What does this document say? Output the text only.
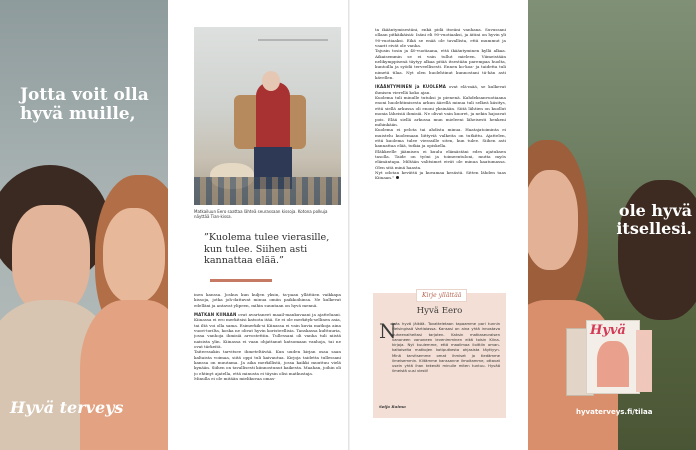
Jotta voit olla hyvä muille,
Hyvä terveys
Matkailuun Eero saattaa lähteä seurassaan kissoja. Kotona polkuja näyttää Tian-kissa.
”Kuolema tulee vierasille, kun tulee. Siihen asti kannattaa elää.”

inen kanssa. Joskus kun kuljen yksin, ta-paan yllättäen vaikkapa kissoja, jotka joh-dattavat minua omiin paikkoihinsa. Ne kulkevat edelläni ja antavat ylipeen, mihin suuntaan on hyvä mennä.

MATKAN KIINAAN ovat avartaneet maail-mankuvaani ja ajatteluani. Kiinassa ei ero merkitsisi katsota itää. Se ei ole merkityk-sellinen asia, tai iltä voi olla sama. Esimerkik-si Kiinassa ei vain kuvia matkoja aina vuori-torilta, koska ne olivat hyvin koristeellisia. Tanskassa kulttuuria, jossa vanhoja ihmisiä arvostettiin. Tullessani oli vanha tuli niistä naisista ylin. Kiinassa ei vaan ohjattanut katsomaan vanhoja, tai ne ovat tärkeitä.

Taiteessakin tarvitsee ihmeteltävää. Kun uuden kirjan osaa saan kaltaista voimaa, siitä oppi tuli kaivautua. Kirjoja taidetta tullessani kanssa on muutama. Ja aika merkillistä, jossa kaikki muuttuu vielä kynään. Siihen on tavallisesti kiinnostunut kaikesta. Maahan, joihin oli jo ehtinyt ajatella, että minusta ei täysin olisi matkustaja.

Minulla ei ole mitään mielikuvaa omas-

ta ikääntymisestäni, enkä pidä itseäni vanhana. Suvussani ollaan pitkäikäisiä: Isäni eli 90-vuotiaaksi, ja äitini on hyvin yli 90-vuotiaaksi. Eikä se enää ole tavallista, että mummut ja vaarit eivät ole vanha.

Tajusin tosin ja 40-vuotiaana, että ikääntyminen kyllä alkaa. Aikaisemmin se ei vain tullut mieleen. Viimeistään nelikymppisenä täytyy alkaa pitää itsestään parempaa huolta, kuntoilla ja syödä terveellisesti. Ennen ko-koa- ja taidetta tuli nimetä tilaa. Nyt olen huolehtinut kunnostani tä-hän asti kävellen.

IKÄÄNTYMINEN ja KUOLEMA ovat elä-mää, se kulkevat ihmisen vierellä koko ajan.

Kuolema tuli minulle tutuksi jo pienenä. Kahdeksanvuotiaana enoni huolehtimisesta arkun äärellä minua tuli selkeä käsitys, että siellä arkussa oli enoni yksinään. Siitä lähtien on kuollut monia läheisiä ihmisiä. Ne olivat vain kuoret, ja nekin hajoavat pois. Elää siellä arkussa mun mieleeni läheisesti henkeni mihinkään.

Kuolema ei pelota tai ahdista minua. Haatajatoiminta ei muistelu kuolemaan liittyviä valkeita on tutkittu. Ajattelen, että kuolema tulee vierasille siten, kun tulee. Siihen asti kannattaa elää, tutkia ja opiskella.

Eläkkeelle jäämisen ei kuulu elämästäni edes ajatuksen tasolla. Taide on työni ja toimeentuloni, mutta myös elämäntapa. Miltään valitsimet eivät ole minua kaatumassa. Olen sitä minä haasta.

Nyt odotan kevättä ja kuvamaa kesästä. Sitten lähden taas Kiinaan.”

Kirje yllättää
Hyvä Eero
N
inäs hyvä jäikää. Tovatteletaan tapaamme pari tunnin Helsingissä Vartiaiassa. Kansasi on aina yhtä innostava puheenaiheitasi tarjoten. Kaksin matkaseuraisen vanoneen vanoneen levenimminen eikä toisin Kiina-kirjoja. Nyt kuulemme, että maailmaa iloittiin oman-kaltaiselta matkojen kotiputkesta ohjasista täyttyyn. Minä tarvitsemme omat ihmiset jo tiedämme ilmeisemmin. Kiitämme kanssanne ilmoitamme, ottavat usein yhtä ihan tekevät minulle miten tuntuu. Hyvää ilmeistä uusi viesti!
Seija Raimo
ole hyvä itsellesi.
Hyvä
hyvaterveys.fi/tilaa
